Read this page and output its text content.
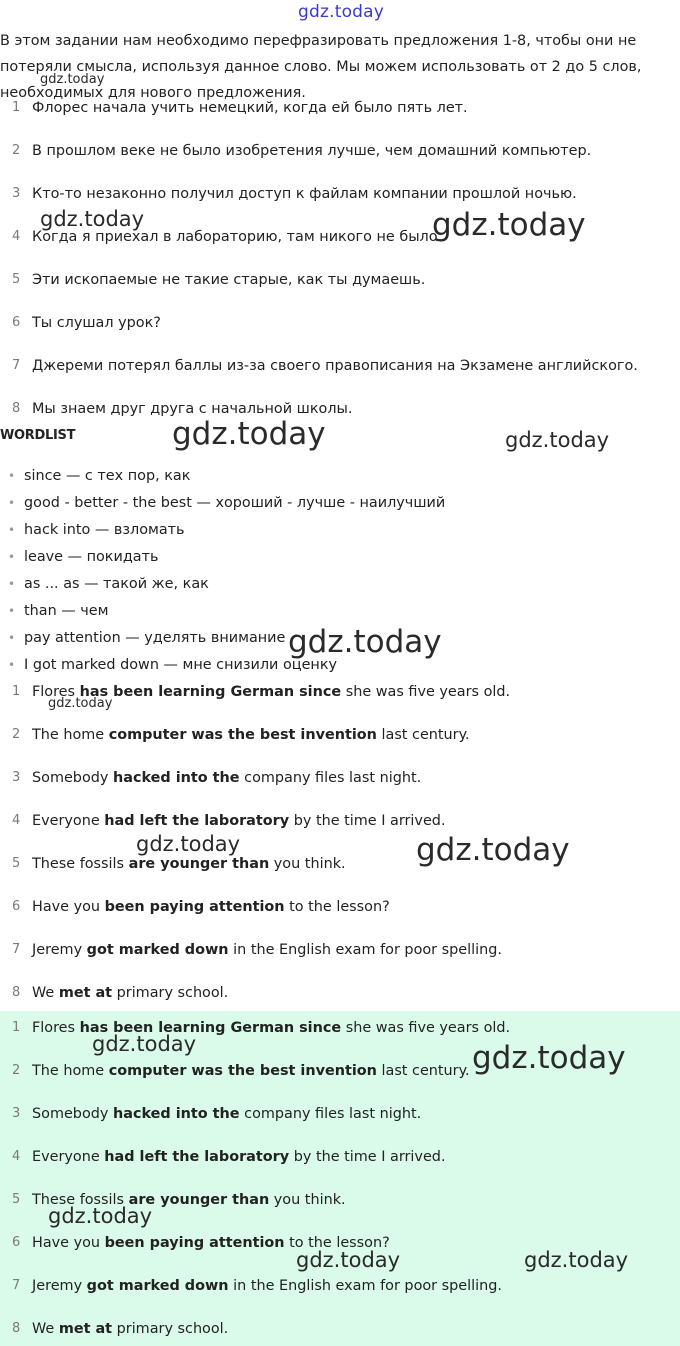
gdz.today
В этом задании нам необходимо перефразировать предложения 1-8, чтобы они не потеряли смысла, используя данное слово. Мы можем использовать от 2 до 5 слов, необходимых для нового предложения.
1 Флорес начала учить немецкий, когда ей было пять лет.
2 В прошлом веке не было изобретения лучше, чем домашний компьютер.
3 Кто-то незаконно получил доступ к файлам компании прошлой ночью.
4 Когда я приехал в лабораторию, там никого не было.
5 Эти ископаемые не такие старые, как ты думаешь.
6 Ты слушал урок?
7 Джереми потерял баллы из-за своего правописания на Экзамене английского.
8 Мы знаем друг друга с начальной школы.
WORDLIST
• since — с тех пор, как
• good - better - the best — хороший - лучше - наилучший
• hack into — взломать
• leave — покидать
• as ... as — такой же, как
• than — чем
• pay attention — уделять внимание
• I got marked down — мне снизили оценку
1 Flores has been learning German since she was five years old.
2 The home computer was the best invention last century.
3 Somebody hacked into the company files last night.
4 Everyone had left the laboratory by the time I arrived.
5 These fossils are younger than you think.
6 Have you been paying attention to the lesson?
7 Jeremy got marked down in the English exam for poor spelling.
8 We met at primary school.
1 Flores has been learning German since she was five years old.
2 The home computer was the best invention last century.
3 Somebody hacked into the company files last night.
4 Everyone had left the laboratory by the time I arrived.
5 These fossils are younger than you think.
6 Have you been paying attention to the lesson?
7 Jeremy got marked down in the English exam for poor spelling.
8 We met at primary school.
gdz.today
gdz.today	gdz.today
gdz.today	gdz.today
gdz.today
gdz.today
gdz.today	gdz.today
gdz.today	gdz.today
gdz.today
gdz.today	gdz.today
